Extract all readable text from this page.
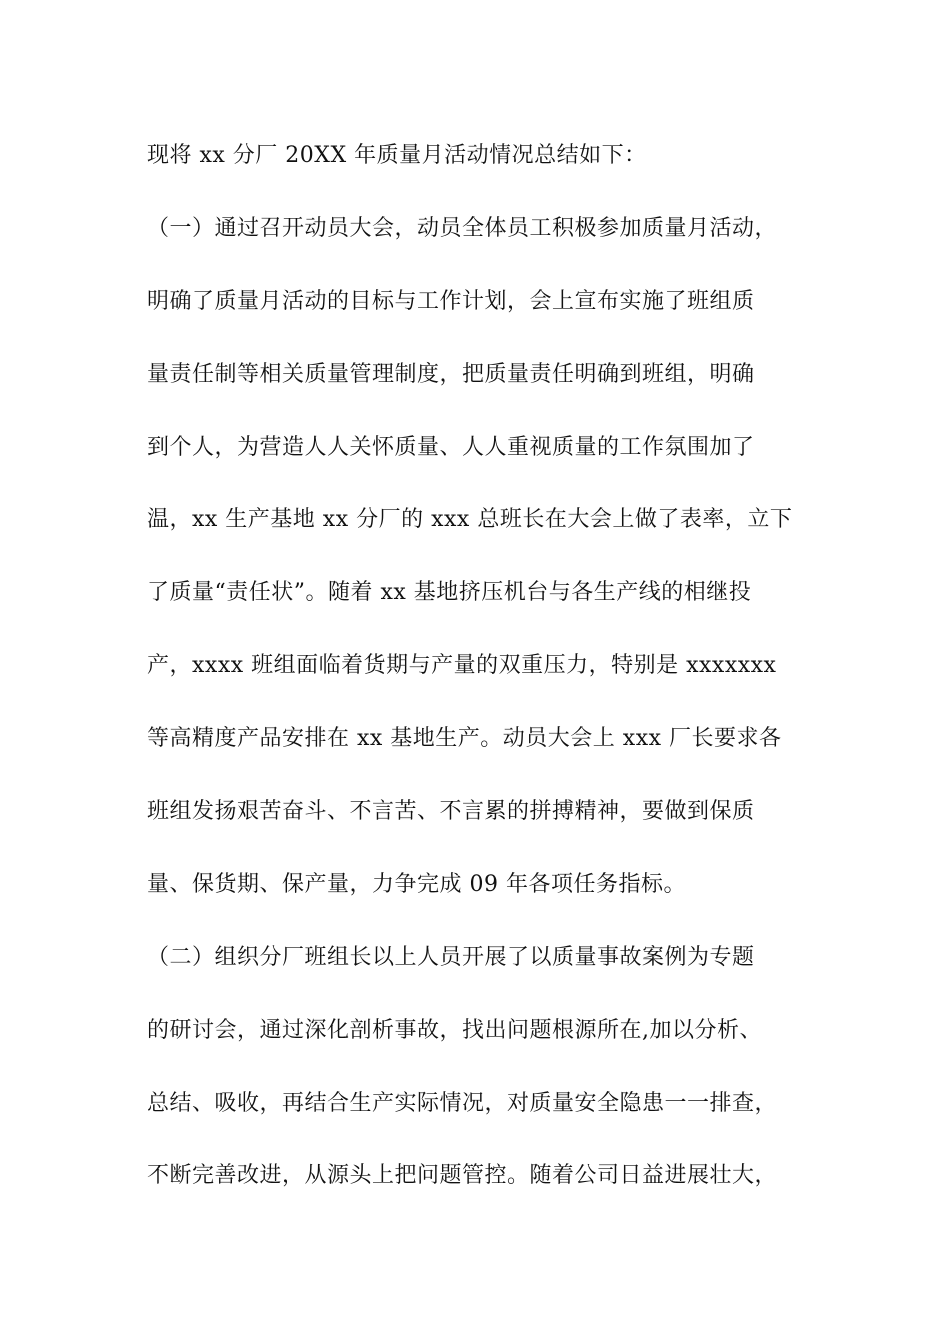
现将 xx 分厂 20XX 年质量月活动情况总结如下：
（一）通过召开动员大会，动员全体员工积极参加质量月活动，
明确了质量月活动的目标与工作计划，会上宣布实施了班组质
量责任制等相关质量管理制度，把质量责任明确到班组，明确
到个人，为营造人人关怀质量、人人重视质量的工作氛围加了
温，xx 生产基地 xx 分厂的 xxx 总班长在大会上做了表率，立下
了质量“责任状”。随着 xx 基地挤压机台与各生产线的相继投
产，xxxx 班组面临着货期与产量的双重压力，特别是 xxxxxxx
等高精度产品安排在 xx 基地生产。动员大会上 xxx 厂长要求各
班组发扬艰苦奋斗、不言苦、不言累的拼搏精神，要做到保质
量、保货期、保产量，力争完成 09 年各项任务指标。
（二）组织分厂班组长以上人员开展了以质量事故案例为专题
的研讨会，通过深化剖析事故，找出问题根源所在,加以分析、
总结、吸收，再结合生产实际情况，对质量安全隐患一一排查，
不断完善改进，从源头上把问题管控。随着公司日益进展壮大，
